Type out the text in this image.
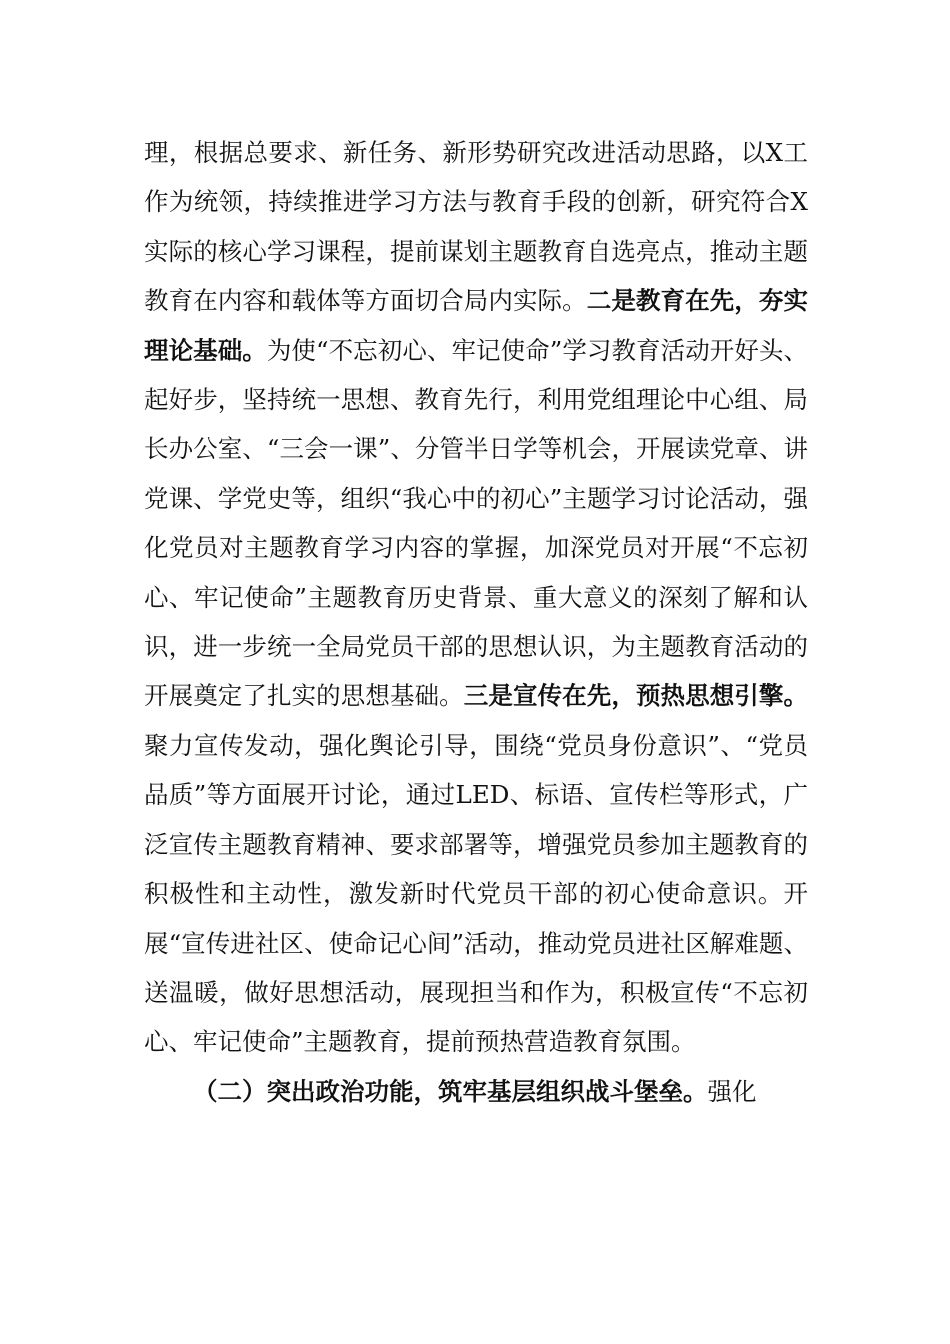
理，根据总要求、新任务、新形势研究改进活动思路，以X工作为统领，持续推进学习方法与教育手段的创新，研究符合X实际的核心学习课程，提前谋划主题教育自选亮点，推动主题教育在内容和载体等方面切合局内实际。二是教育在先，夯实理论基础。为使“不忘初心、牢记使命”学习教育活动开好头、起好步，坚持统一思想、教育先行，利用党组理论中心组、局长办公室、“三会一课”、分管半日学等机会，开展读党章、讲党课、学党史等，组织“我心中的初心”主题学习讨论活动，强化党员对主题教育学习内容的掌握，加深党员对开展“不忘初心、牢记使命”主题教育历史背景、重大意义的深刻了解和认识，进一步统一全局党员干部的思想认识，为主题教育活动的开展奠定了扎实的思想基础。三是宣传在先，预热思想引擎。聚力宣传发动，强化舆论引导，围绕“党员身份意识”、“党员品质”等方面展开讨论，通过LED、标语、宣传栏等形式，广泛宣传主题教育精神、要求部署等，增强党员参加主题教育的积极性和主动性，激发新时代党员干部的初心使命意识。开展“宣传进社区、使命记心间”活动，推动党员进社区解难题、送温暖，做好思想活动，展现担当和作为，积极宣传“不忘初心、牢记使命”主题教育，提前预热营造教育氛围。

（二）突出政治功能，筑牢基层组织战斗堡垒。强化
